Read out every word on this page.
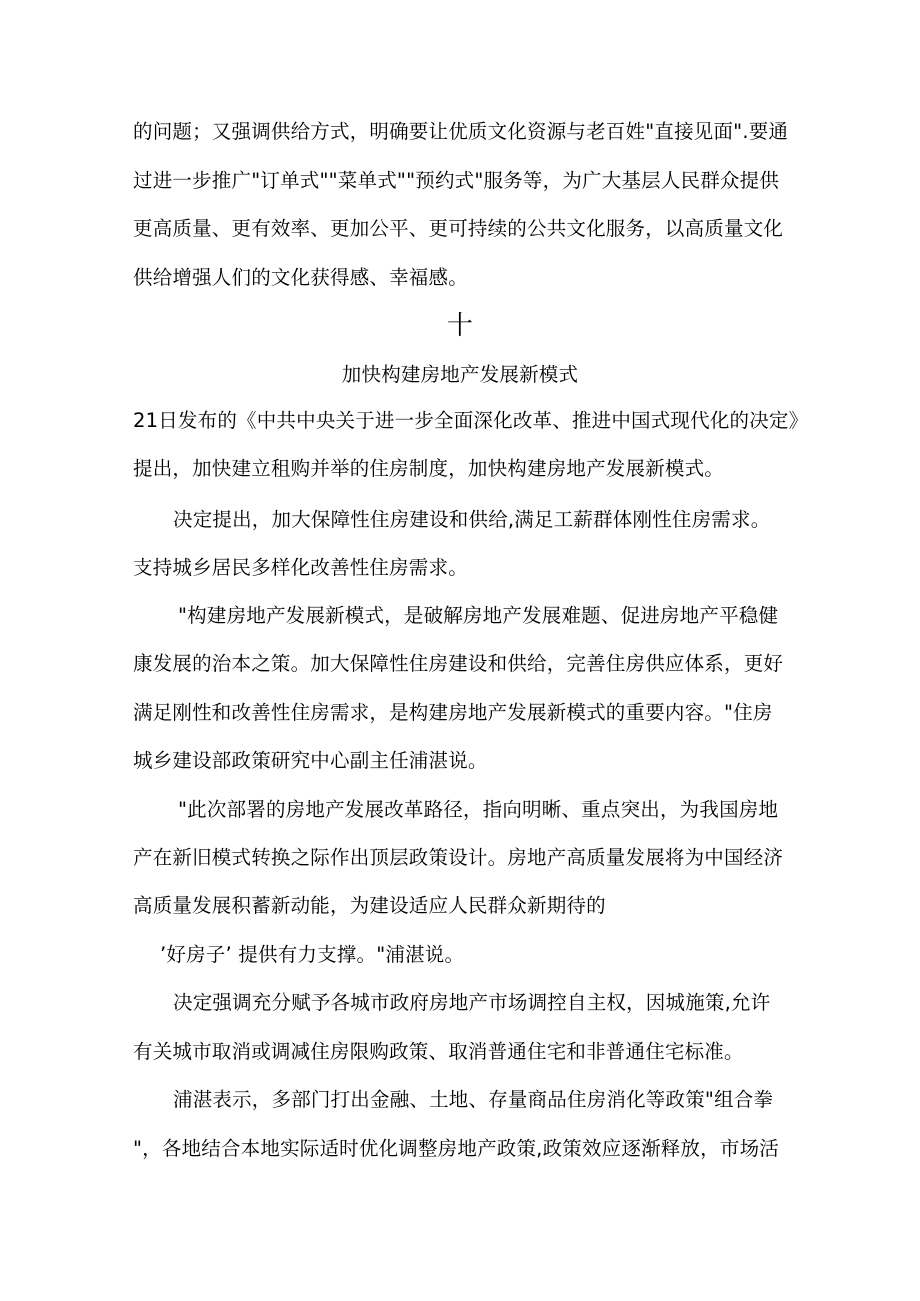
的问题；又强调供给方式，明确要让优质文化资源与老百姓"直接见面".要通
过进一步推广"订单式""菜单式""预约式"服务等，为广大基层人民群众提供
更高质量、更有效率、更加公平、更可持续的公共文化服务，以高质量文化
供给增强人们的文化获得感、幸福感。
十
加快构建房地产发展新模式
21日发布的《中共中央关于进一步全面深化改革、推进中国式现代化的决定》
提出，加快建立租购并举的住房制度，加快构建房地产发展新模式。
决定提出，加大保障性住房建设和供给,满足工薪群体刚性住房需求。
支持城乡居民多样化改善性住房需求。
"构建房地产发展新模式，是破解房地产发展难题、促进房地产平稳健
康发展的治本之策。加大保障性住房建设和供给，完善住房供应体系，更好
满足刚性和改善性住房需求，是构建房地产发展新模式的重要内容。"住房
城乡建设部政策研究中心副主任浦湛说。
"此次部署的房地产发展改革路径，指向明晰、重点突出，为我国房地
产在新旧模式转换之际作出顶层政策设计。房地产高质量发展将为中国经济
高质量发展积蓄新动能，为建设适应人民群众新期待的
’好房子’ 提供有力支撑。"浦湛说。
决定强调充分赋予各城市政府房地产市场调控自主权，因城施策,允许
有关城市取消或调减住房限购政策、取消普通住宅和非普通住宅标准。
浦湛表示，多部门打出金融、土地、存量商品住房消化等政策"组合拳
"，各地结合本地实际适时优化调整房地产政策,政策效应逐渐释放，市场活
